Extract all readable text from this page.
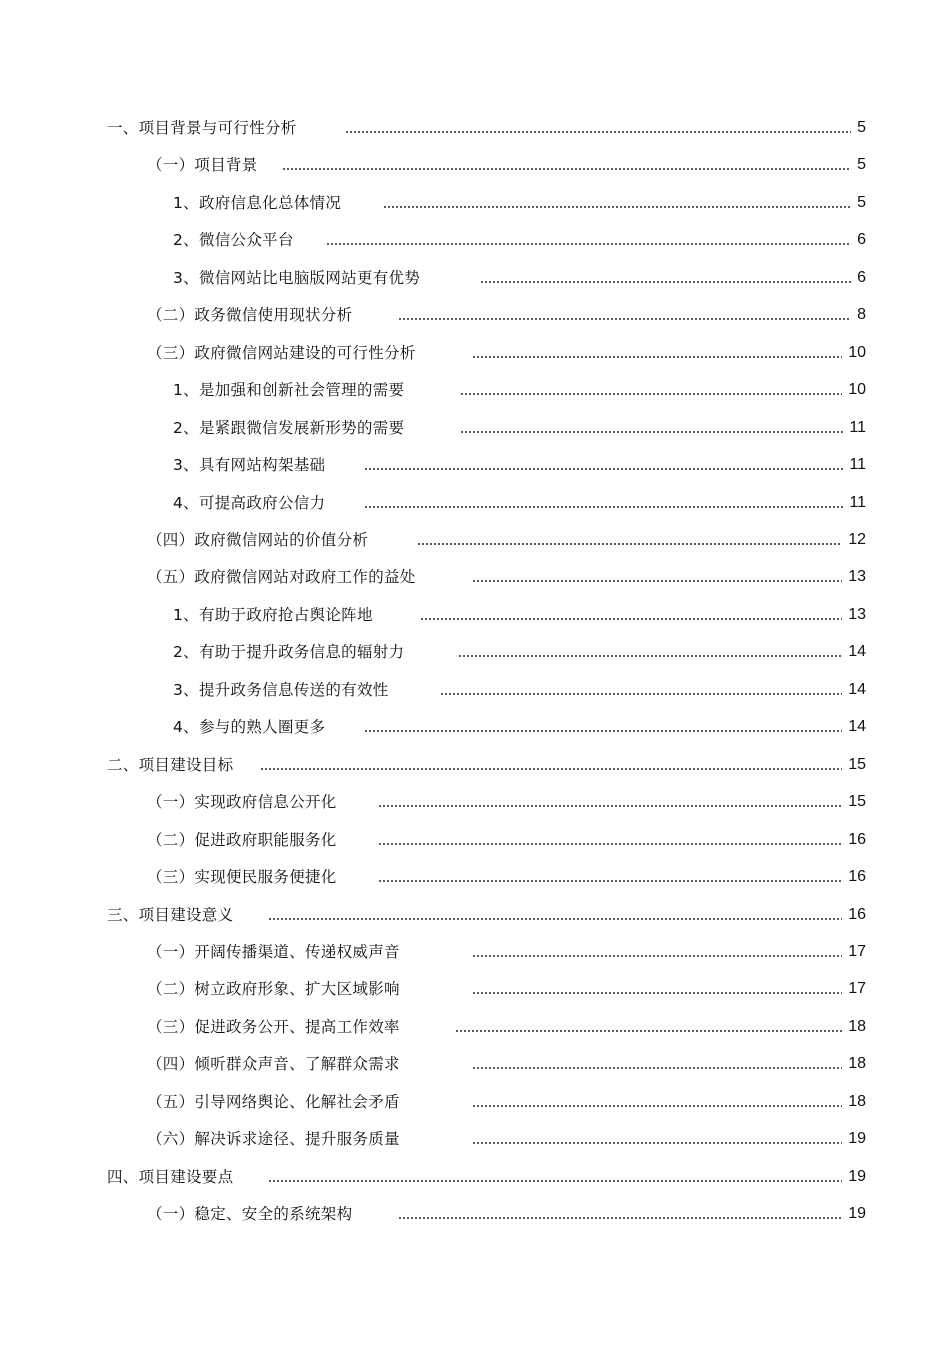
一、项目背景与可行性分析	5
（一）项目背景	5
1、政府信息化总体情况	5
2、微信公众平台	6
3、微信网站比电脑版网站更有优势	6
（二）政务微信使用现状分析	8
（三）政府微信网站建设的可行性分析	10
1、是加强和创新社会管理的需要	10
2、是紧跟微信发展新形势的需要	11
3、具有网站构架基础	11
4、可提高政府公信力	11
（四）政府微信网站的价值分析	12
（五）政府微信网站对政府工作的益处	13
1、有助于政府抢占舆论阵地	13
2、有助于提升政务信息的辐射力	14
3、提升政务信息传送的有效性	14
4、参与的熟人圈更多	14
二、项目建设目标	15
（一）实现政府信息公开化	15
（二）促进政府职能服务化	16
（三）实现便民服务便捷化	16
三、项目建设意义	16
（一）开阔传播渠道、传递权威声音	17
（二）树立政府形象、扩大区域影响	17
（三）促进政务公开、提高工作效率	18
（四）倾听群众声音、了解群众需求	18
（五）引导网络舆论、化解社会矛盾	18
（六）解决诉求途径、提升服务质量	19
四、项目建设要点	19
（一）稳定、安全的系统架构	19
